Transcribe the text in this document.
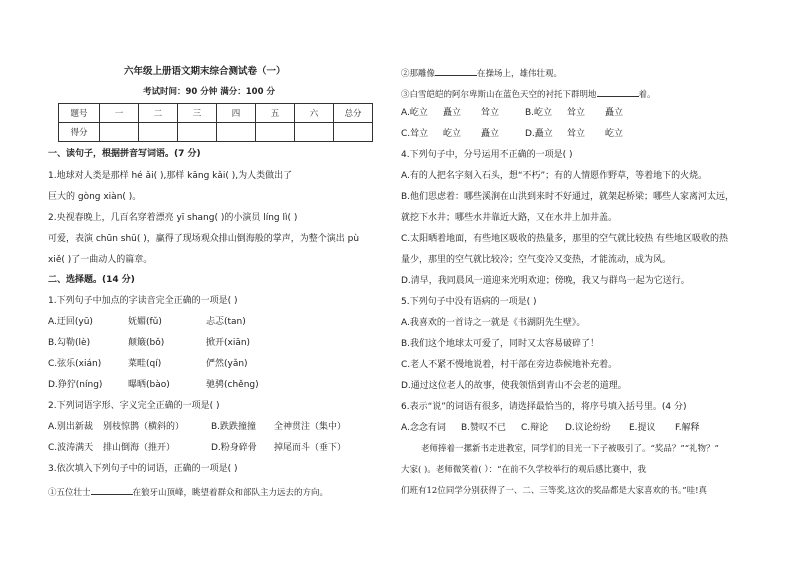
六年级上册语文期末综合测试卷（一）
考试时间：90 分钟 满分：100 分
题号	一	二	三	四	五	六	总分
得分							
一、读句子，根据拼音写词语。(7 分)
1.地球对人类是那样 hé ǎi( ),那样 kāng kǎi( ),为人类做出了
巨大的 gòng xiàn( )。
2.央视春晚上，几百名穿着漂亮 yī shang( )的小演员 líng lì( )
可爱，表演 chūn shū( )，赢得了现场观众排山倒海般的掌声，为整个演出 pù
xiě( )了一曲动人的篇章。
二、选择题。(14 分)
1.下列句子中加点的字读音完全正确的一项是( )
A.迂回(yū)	妩媚(fǔ)	忐忑(tan)
B.勾勒(lè)	颠簸(bǒ)	掀开(xiān)
C.弦乐(xián)	菜畦(qí)	俨然(yǎn)
D.狰狞(níng)	曝晒(bào)	驰骋(chěng)
2.下列词语字形、字义完全正确的一项是( )
A.别出新裁 别枝惊鹊（横斜的）	B.跌跌撞撞 全神贯注（集中）
C.波涛满天 排山倒海（推开）	D.粉身碎骨 掉尾而斗（垂下）
3.依次填入下列句子中的词语，正确的一项是( )
①五位壮士	在狼牙山顶峰，眺望着群众和部队主力远去的方向。
②那雕像	在操场上，雄伟壮观。
③白雪皑皑的阿尔卑斯山在蓝色天空的衬托下群明地	着。
A.屹立 矗立 耸立	B.屹立 耸立 矗立
C.耸立 屹立 矗立	D.矗立 耸立 屹立
4.下列句子中，分号运用不正确的一项是( )
A.有的人把名字刻入石头，想“不朽”；有的人情愿作野草，等着地下的火烧。
B.他们思虑着：哪些溪涧在山洪到来时不好通过，就架起桥梁；哪些人家离河太远，
就挖下水井；哪些水井靠近大路，又在水井上加井盖。
C.太阳晒着地面，有些地区吸收的热量多，那里的空气就比较热 有些地区吸收的热
量少，那里的空气就比较冷；空气变冷又变热，才能流动，成为风。
D.清早，我同晨风一道迎来光明欢迎；傍晚，我又与群鸟一起为它送行。
5.下列句子中没有语病的一项是( )
A.我喜欢的一首诗之一就是《书湖阴先生壁》。
B.我们这个地球太可爱了，同时又太容易破碎了！
C.老人不紧不慢地说着，村干部在旁边恭候地补充着。
D.通过这位老人的故事，使我领悟到青山不会老的道理。
6.表示“说”的词语有很多，请选择最恰当的，将序号填入括号里。(4 分)
A.念念有词 B.赞叹不已 C.辩论 D.议论纷纷 E.提议 F.解释
老师捧着一摞新书走进教室，同学们的目光一下子被吸引了。“奖品？”“礼物？”
大家( )。老师微笑着( ）：“在前不久学校举行的观后感比赛中，我
们班有12位同学分别获得了一、二、三等奖,这次的奖品都是大家喜欢的书。”哇!真
